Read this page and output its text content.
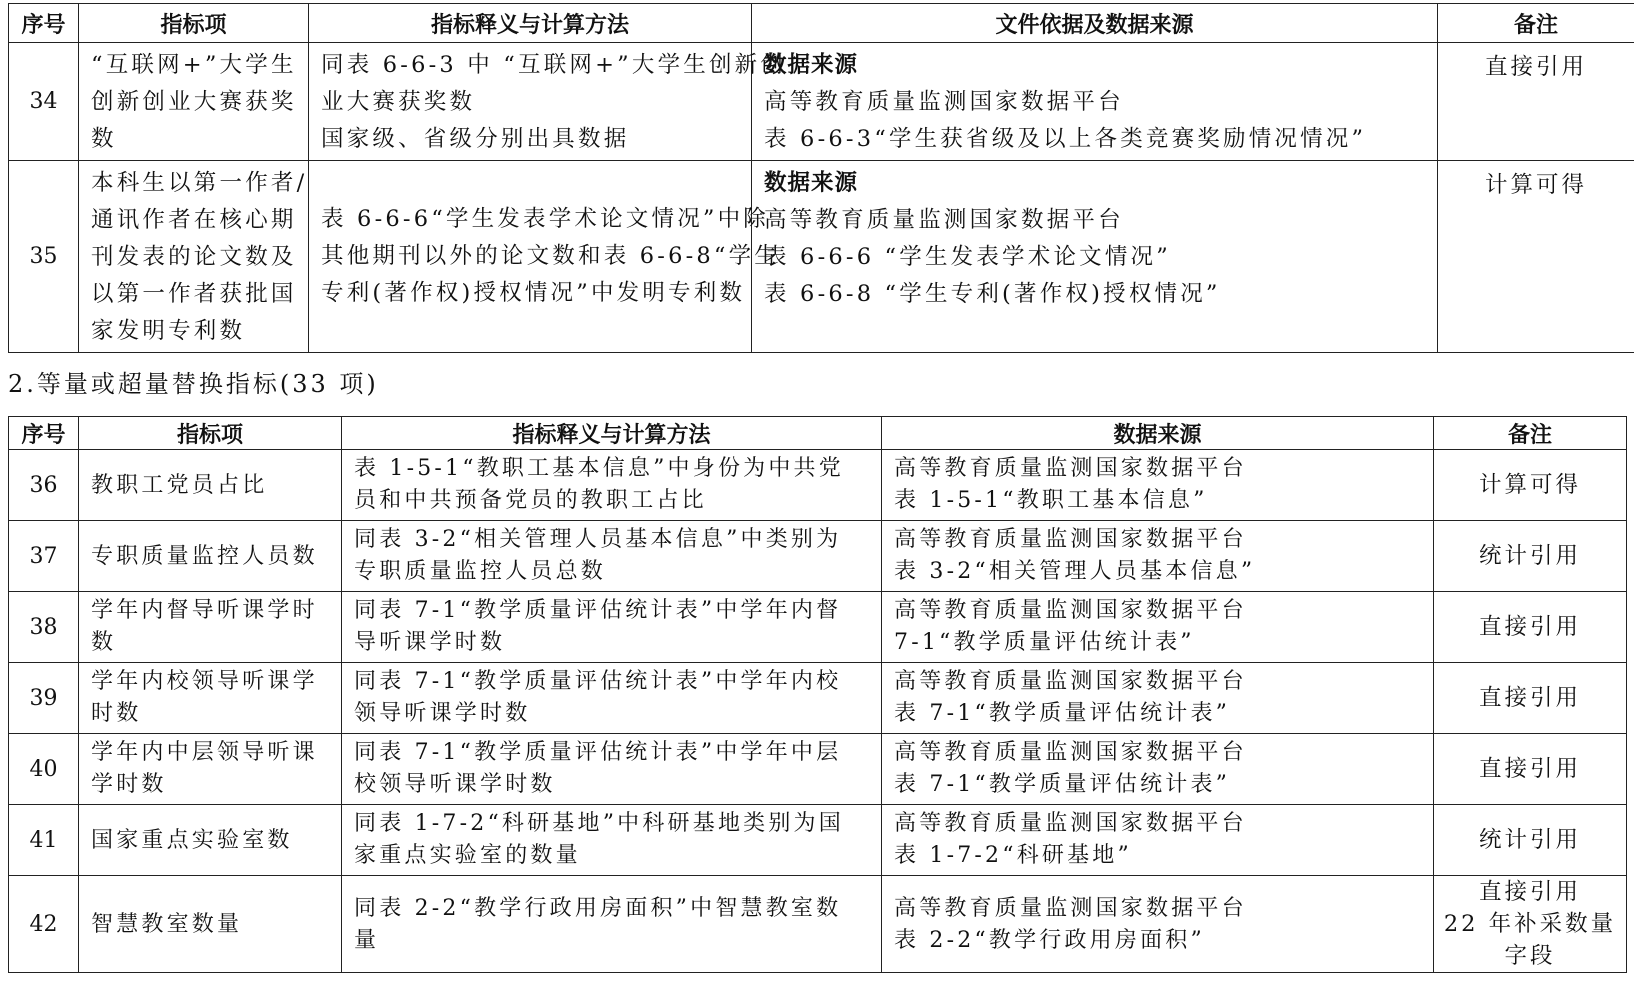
序号	指标项	指标释义与计算方法	文件依据及数据来源	备注
34	“互联网+”大学生
创新创业大赛获奖
数	同表 6-6-3 中 “互联网+”大学生创新创
业大赛获奖数
国家级、省级分别出具数据	数据来源
高等教育质量监测国家数据平台
表 6-6-3“学生获省级及以上各类竞赛奖励情况情况”	直接引用
35	本科生以第一作者/
通讯作者在核心期
刊发表的论文数及
以第一作者获批国
家发明专利数	表 6-6-6“学生发表学术论文情况”中除
其他期刊以外的论文数和表 6-6-8“学生
专利(著作权)授权情况”中发明专利数	数据来源
高等教育质量监测国家数据平台
表 6-6-6 “学生发表学术论文情况”
表 6-6-8 “学生专利(著作权)授权情况”	计算可得
2.等量或超量替换指标(33 项)
序号	指标项	指标释义与计算方法	数据来源	备注
36	教职工党员占比	表 1-5-1“教职工基本信息”中身份为中共党
员和中共预备党员的教职工占比	高等教育质量监测国家数据平台
表 1-5-1“教职工基本信息”	计算可得

37	专职质量监控人员数	同表 3-2“相关管理人员基本信息”中类别为
专职质量监控人员总数	高等教育质量监测国家数据平台
表 3-2“相关管理人员基本信息”	统计引用

38	学年内督导听课学时
数	同表 7-1“教学质量评估统计表”中学年内督
导听课学时数	高等教育质量监测国家数据平台
7-1“教学质量评估统计表”	直接引用

39	学年内校领导听课学
时数	同表 7-1“教学质量评估统计表”中学年内校
领导听课学时数	高等教育质量监测国家数据平台
表 7-1“教学质量评估统计表”	直接引用

40	学年内中层领导听课
学时数	同表 7-1“教学质量评估统计表”中学年中层
校领导听课学时数	高等教育质量监测国家数据平台
表 7-1“教学质量评估统计表”	直接引用

41	国家重点实验室数	同表 1-7-2“科研基地”中科研基地类别为国
家重点实验室的数量	高等教育质量监测国家数据平台
表 1-7-2“科研基地”	统计引用

42	智慧教室数量	同表 2-2“教学行政用房面积”中智慧教室数
量	高等教育质量监测国家数据平台
表 2-2“教学行政用房面积”	直接引用
22 年补采数量
字段
